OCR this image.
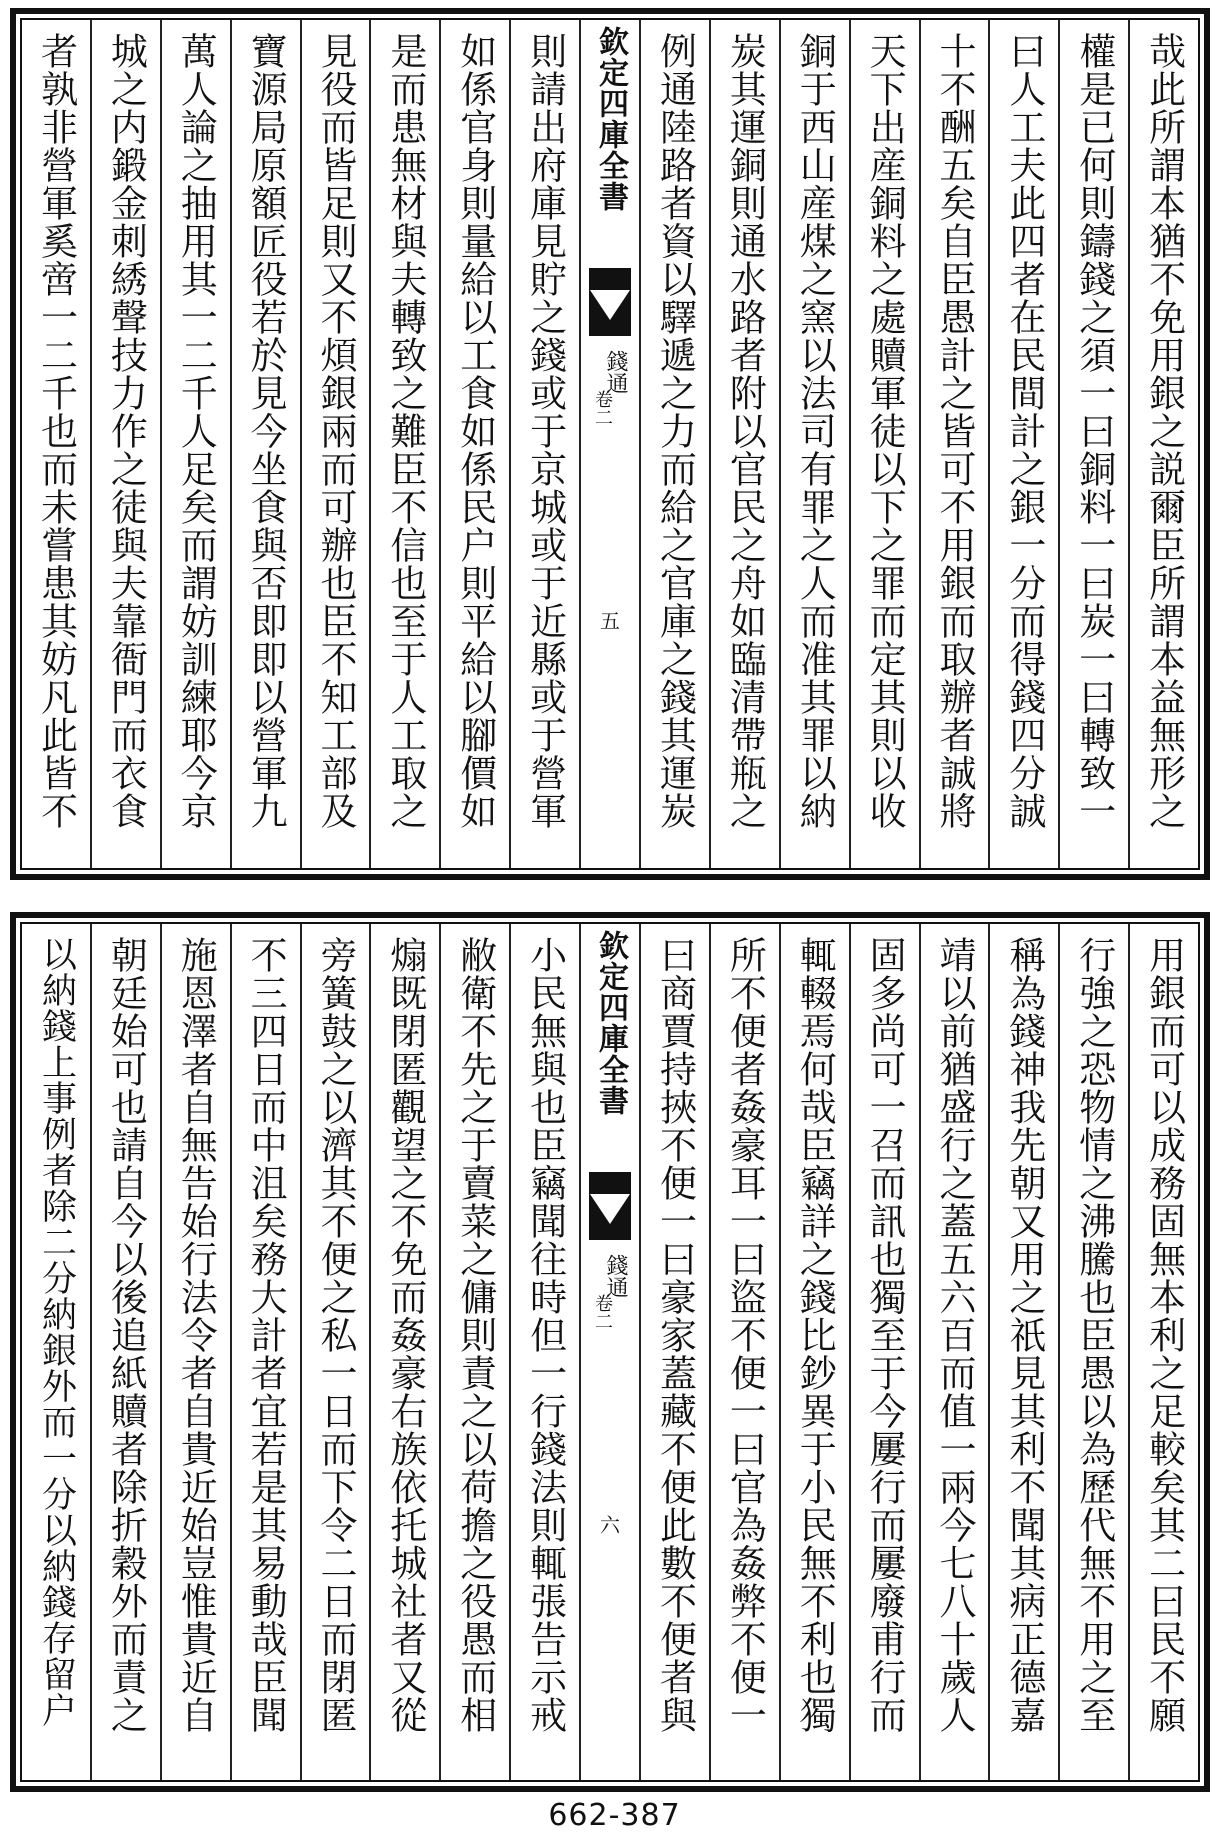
哉此所謂本猶不免用銀之説爾臣所謂本益無形之
權是已何則鑄錢之須一曰銅料一曰炭一曰轉致一
曰人工夫此四者在民間計之銀一分而得錢四分誠
十不酬五矣自臣愚計之皆可不用銀而取辦者誠將
天下出産銅料之處贖軍徒以下之罪而定其則以收
銅于西山産煤之窯以法司有罪之人而准其罪以納
炭其運銅則通水路者附以官民之舟如臨清帶瓶之
例通陸路者資以驛遞之力而給之官庫之錢其運炭
欽定四庫全書
錢通
卷二
五
則請出府庫見貯之錢或于京城或于近縣或于營軍
如係官身則量給以工食如係民户則平給以腳價如
是而患無材與夫轉致之難臣不信也至于人工取之
見役而皆足則又不煩銀兩而可辦也臣不知工部及
寶源局原額匠役若於見今坐食與否即即以營軍九
萬人論之抽用其一二千人足矣而謂妨訓練耶今京
城之内鍛金刺綉聲技力作之徒與夫靠衙門而衣食
者孰非營軍奚啻一二千也而未嘗患其妨凡此皆不
用銀而可以成務固無本利之足較矣其二曰民不願
行強之恐物情之沸騰也臣愚以為歷代無不用之至
稱為錢神我先朝又用之祇見其利不聞其病正德嘉
靖以前猶盛行之蓋五六百而值一兩今七八十歲人
固多尚可一召而訊也獨至于今屢行而屢廢甫行而
輒輟焉何哉臣竊詳之錢比鈔異于小民無不利也獨
所不便者姦豪耳一曰盜不便一曰官為姦弊不便一
曰商賈持挾不便一曰豪家蓋藏不便此數不便者與
欽定四庫全書
錢通
卷二
六
小民無與也臣竊聞往時但一行錢法則輒張告示戒
敝衛不先之于賣菜之傭則責之以荷擔之役愚而相
煽既閉匿觀望之不免而姦豪右族依托城社者又從
旁簧鼓之以濟其不便之私一日而下令二日而閉匿
不三四日而中沮矣務大計者宜若是其易動哉臣聞
施恩澤者自無告始行法令者自貴近始豈惟貴近自
朝廷始可也請自今以後追紙贖者除折穀外而責之
以納錢上事例者除二分納銀外而一分以納錢存留户
662-387
